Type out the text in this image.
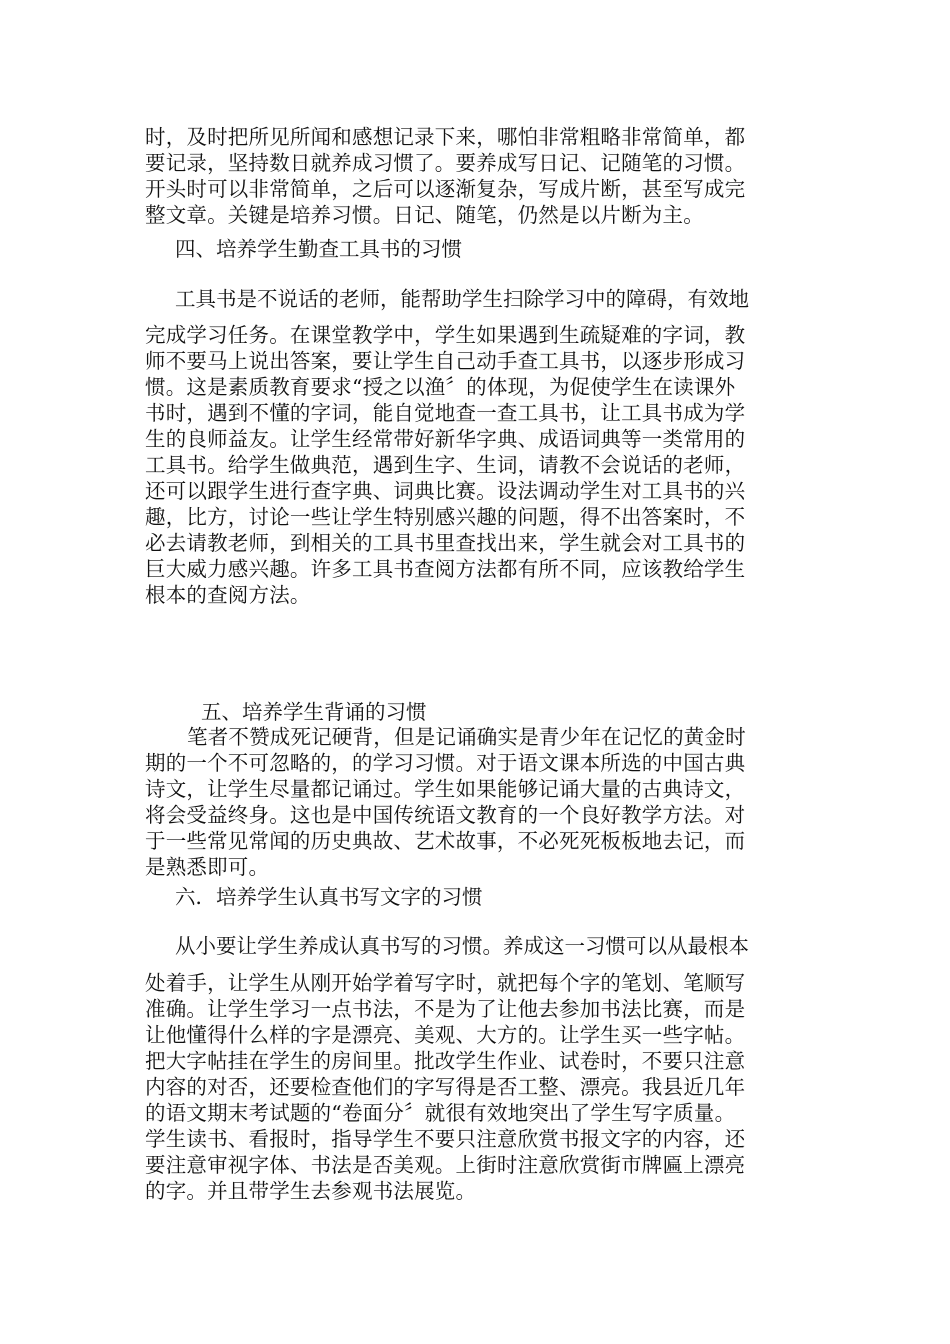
时，及时把所见所闻和感想记录下来，哪怕非常粗略非常简单，都
要记录，坚持数日就养成习惯了。要养成写日记、记随笔的习惯。
开头时可以非常简单，之后可以逐渐复杂，写成片断，甚至写成完
整文章。关键是培养习惯。日记、随笔，仍然是以片断为主。
四、培养学生勤查工具书的习惯
工具书是不说话的老师，能帮助学生扫除学习中的障碍，有效地
完成学习任务。在课堂教学中，学生如果遇到生疏疑难的字词，教
师不要马上说出答案，要让学生自己动手查工具书，以逐步形成习
惯。这是素质教育要求“授之以渔〞的体现，为促使学生在读课外
书时，遇到不懂的字词，能自觉地查一查工具书，让工具书成为学
生的良师益友。让学生经常带好新华字典、成语词典等一类常用的
工具书。给学生做典范，遇到生字、生词，请教不会说话的老师，
还可以跟学生进行查字典、词典比赛。设法调动学生对工具书的兴
趣，比方，讨论一些让学生特别感兴趣的问题，得不出答案时，不
必去请教老师，到相关的工具书里查找出来，学生就会对工具书的
巨大威力感兴趣。许多工具书查阅方法都有所不同，应该教给学生
根本的查阅方法。
五、培养学生背诵的习惯
笔者不赞成死记硬背，但是记诵确实是青少年在记忆的黄金时
期的一个不可忽略的，的学习习惯。对于语文课本所选的中国古典
诗文，让学生尽量都记诵过。学生如果能够记诵大量的古典诗文，
将会受益终身。这也是中国传统语文教育的一个良好教学方法。对
于一些常见常闻的历史典故、艺术故事，不必死死板板地去记，而
是熟悉即可。
六．培养学生认真书写文字的习惯
从小要让学生养成认真书写的习惯。养成这一习惯可以从最根本
处着手，让学生从刚开始学着写字时，就把每个字的笔划、笔顺写
准确。让学生学习一点书法，不是为了让他去参加书法比赛，而是
让他懂得什么样的字是漂亮、美观、大方的。让学生买一些字帖。
把大字帖挂在学生的房间里。批改学生作业、试卷时，不要只注意
内容的对否，还要检查他们的字写得是否工整、漂亮。我县近几年
的语文期末考试题的“卷面分〞就很有效地突出了学生写字质量。
学生读书、看报时，指导学生不要只注意欣赏书报文字的内容，还
要注意审视字体、书法是否美观。上街时注意欣赏街市牌匾上漂亮
的字。并且带学生去参观书法展览。
